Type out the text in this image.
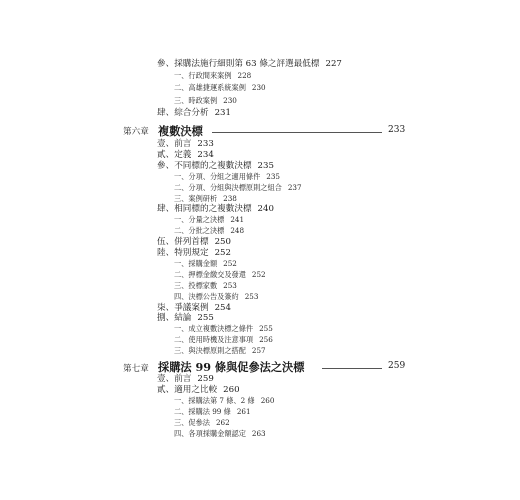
參、採購法施行細則第 63 條之評選最低標 227
一、行政間來案例 228
二、高雄捷運系統案例 230
三、時政案例 230
肆、綜合分析 231
第六章 複數決標	233
壹、前言 233
貳、定義 234
參、不同標的之複數決標 235
一、分項、分組之適用條件 235
二、分項、分組與決標原則之組合 237
三、案例研析 238
肆、相同標的之複數決標 240
一、分量之決標 241
二、分批之決標 248
伍、併列首標 250
陸、特別規定 252
一、採購金額 252
二、押標金繳交及發還 252
三、投標家數 253
四、決標公告及簽約 253
柒、爭議案例 254
捌、結論 255
一、成立複數決標之條件 255
二、使用時機及注意事項 256
三、與決標原則之搭配 257
第七章 採購法 99 條與促參法之決標	259
壹、前言 259
貳、適用之比較 260
一、採購法第 7 條、2 條 260
二、採購法 99 條 261
三、促參法 262
四、各項採購金額認定 263
